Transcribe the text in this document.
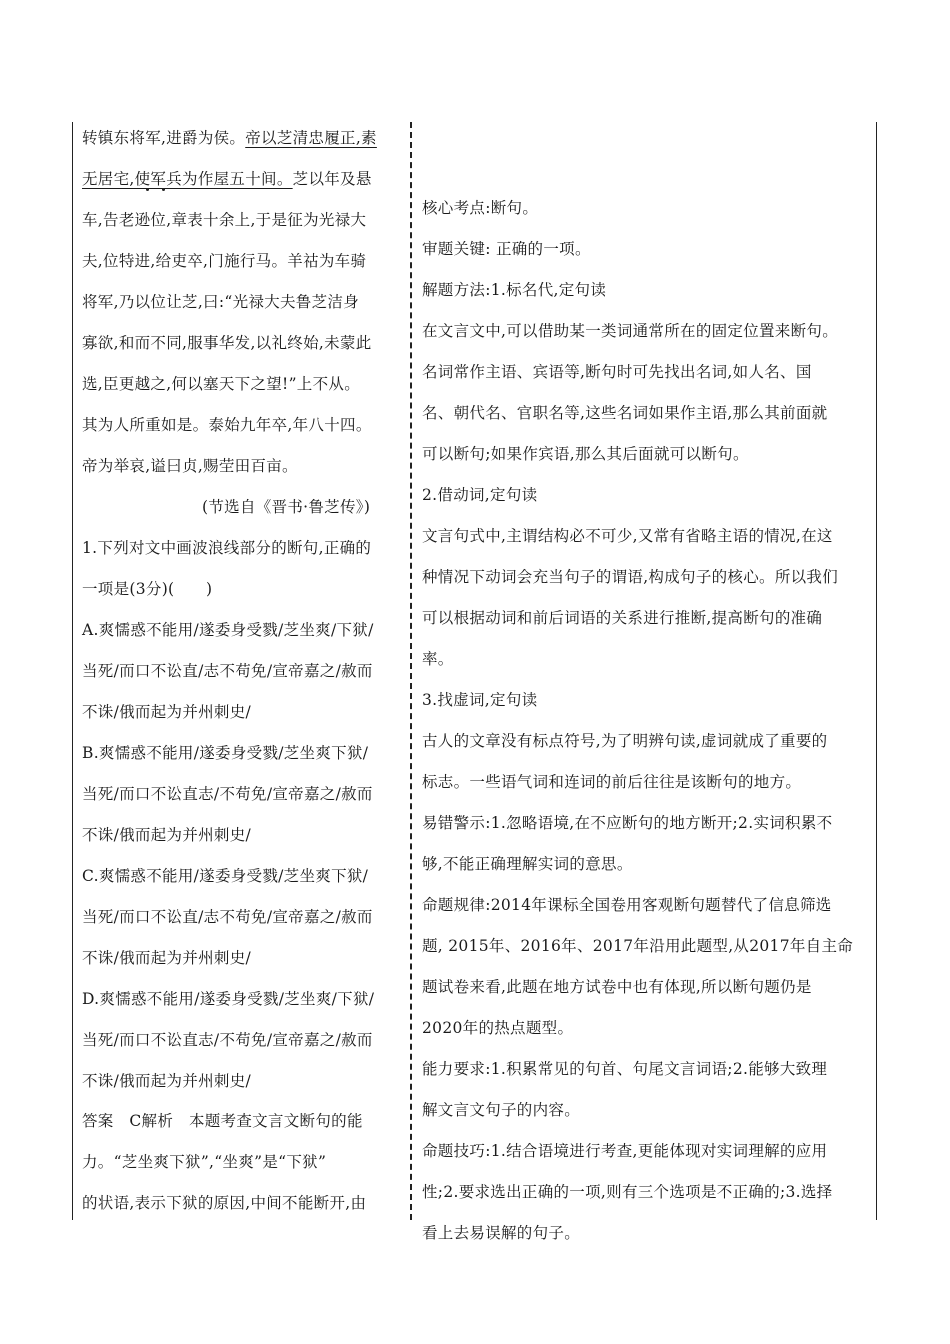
转镇东将军,进爵为侯。帝以芝清忠履正,素
无居宅,使军兵为作屋五十间。芝以年及悬
车,告老逊位,章表十余上,于是征为光禄大
夫,位特进,给吏卒,门施行马。羊祜为车骑
将军,乃以位让芝,曰:“光禄大夫鲁芝洁身
寡欲,和而不同,服事华发,以礼终始,未蒙此
选,臣更越之,何以塞天下之望!”上不从。
其为人所重如是。泰始九年卒,年八十四。
帝为举哀,谥曰贞,赐茔田百亩。
(节选自《晋书·鲁芝传》)
1.下列对文中画波浪线部分的断句,正确的
一项是(3分)(　　)
A.爽懦惑不能用/遂委身受戮/芝坐爽/下狱/
当死/而口不讼直/志不苟免/宣帝嘉之/赦而
不诛/俄而起为并州刺史/
B.爽懦惑不能用/遂委身受戮/芝坐爽下狱/
当死/而口不讼直志/不苟免/宣帝嘉之/赦而
不诛/俄而起为并州刺史/
C.爽懦惑不能用/遂委身受戮/芝坐爽下狱/
当死/而口不讼直/志不苟免/宣帝嘉之/赦而
不诛/俄而起为并州刺史/
D.爽懦惑不能用/遂委身受戮/芝坐爽/下狱/
当死/而口不讼直志/不苟免/宣帝嘉之/赦而
不诛/俄而起为并州刺史/
答案　C解析　本题考查文言文断句的能
力。“芝坐爽下狱”,“坐爽”是“下狱”
的状语,表示下狱的原因,中间不能断开,由
核心考点:断句。
审题关键: 正确的一项。
解题方法:1.标名代,定句读
在文言文中,可以借助某一类词通常所在的固定位置来断句。
名词常作主语、宾语等,断句时可先找出名词,如人名、国
名、朝代名、官职名等,这些名词如果作主语,那么其前面就
可以断句;如果作宾语,那么其后面就可以断句。
2.借动词,定句读
文言句式中,主谓结构必不可少,又常有省略主语的情况,在这
种情况下动词会充当句子的谓语,构成句子的核心。所以我们
可以根据动词和前后词语的关系进行推断,提高断句的准确
率。
3.找虚词,定句读
古人的文章没有标点符号,为了明辨句读,虚词就成了重要的
标志。一些语气词和连词的前后往往是该断句的地方。
易错警示:1.忽略语境,在不应断句的地方断开;2.实词积累不
够,不能正确理解实词的意思。
命题规律:2014年课标全国卷用客观断句题替代了信息筛选
题, 2015年、2016年、2017年沿用此题型,从2017年自主命
题试卷来看,此题在地方试卷中也有体现,所以断句题仍是
2020年的热点题型。
能力要求:1.积累常见的句首、句尾文言词语;2.能够大致理
解文言文句子的内容。
命题技巧:1.结合语境进行考查,更能体现对实词理解的应用
性;2.要求选出正确的一项,则有三个选项是不正确的;3.选择
看上去易误解的句子。
